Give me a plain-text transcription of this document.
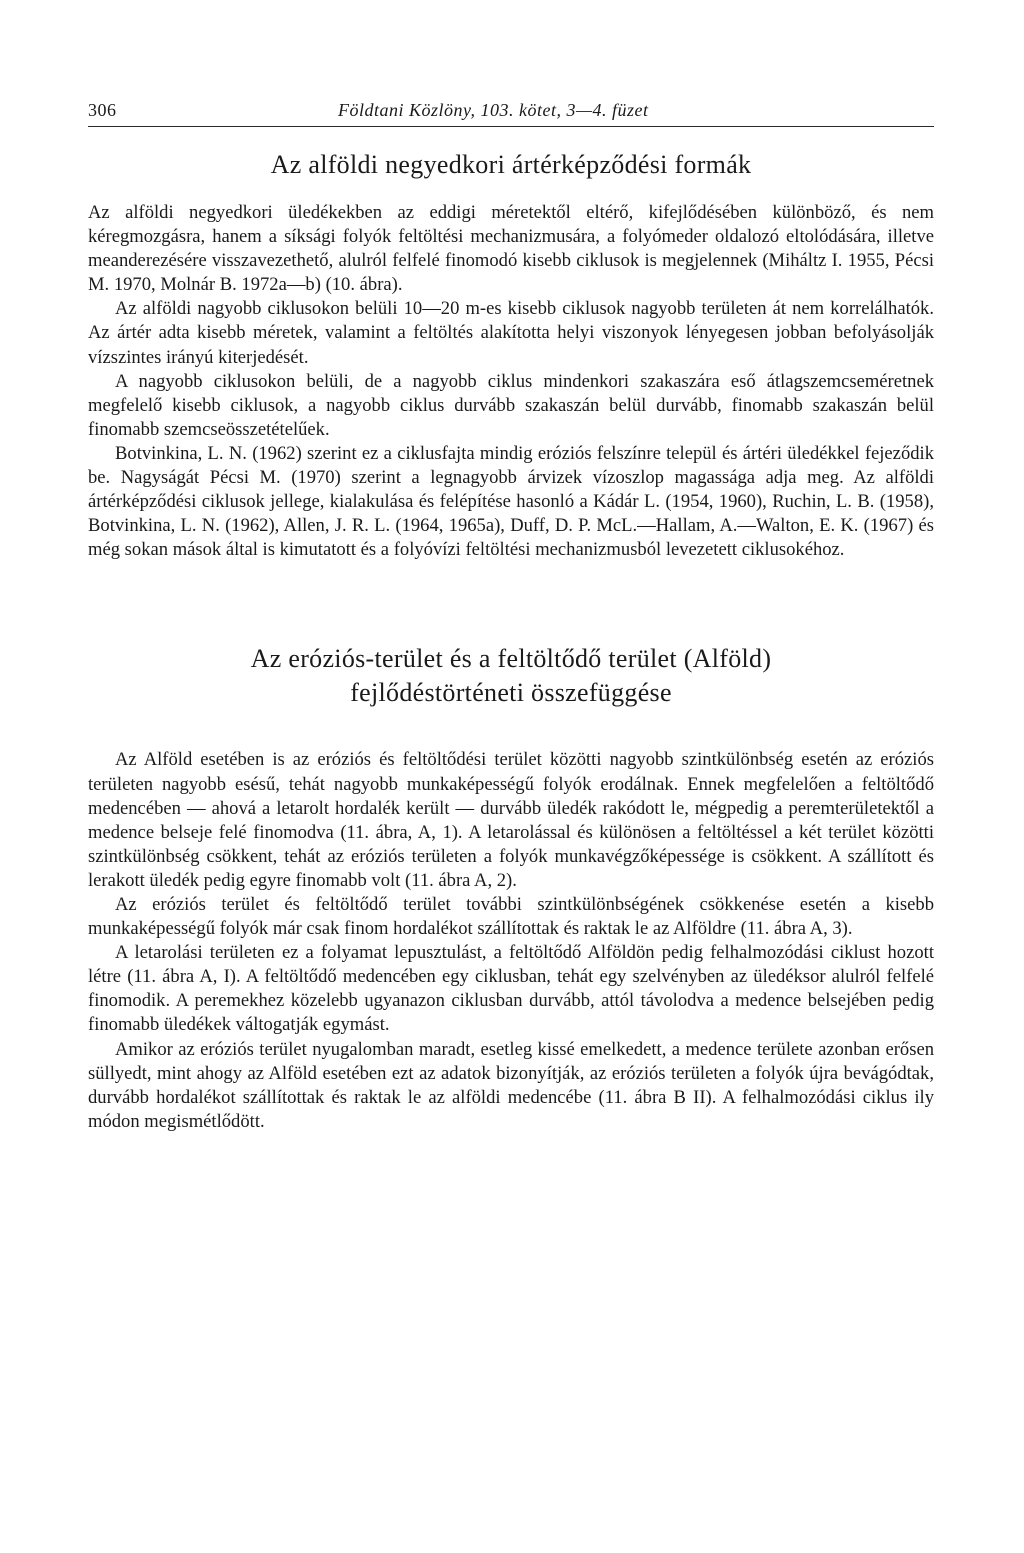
306	Földtani Közlöny, 103. kötet, 3—4. füzet
Az alföldi negyedkori ártérképződési formák

Az alföldi negyedkori üledékekben az eddigi méretektől eltérő, kifejlődésében különböző, és nem kéregmozgásra, hanem a síksági folyók feltöltési mechanizmusára, a folyómeder oldalozó eltolódására, illetve meanderezésére visszavezethető, alulról felfelé finomodó kisebb ciklusok is megjelennek (Miháltz I. 1955, Pécsi M. 1970, Molnár B. 1972a—b) (10. ábra).

Az alföldi nagyobb ciklusokon belüli 10—20 m-es kisebb ciklusok nagyobb területen át nem korrelálhatók. Az ártér adta kisebb méretek, valamint a feltöltés alakította helyi viszonyok lényegesen jobban befolyásolják vízszintes irányú kiterjedését.

A nagyobb ciklusokon belüli, de a nagyobb ciklus mindenkori szakaszára eső átlagszemcseméretnek megfelelő kisebb ciklusok, a nagyobb ciklus durvább szakaszán belül durvább, finomabb szakaszán belül finomabb szemcseösszetételűek.

Botvinkina, L. N. (1962) szerint ez a ciklusfajta mindig eróziós felszínre települ és ártéri üledékkel fejeződik be. Nagyságát Pécsi M. (1970) szerint a legnagyobb árvizek vízoszlop magassága adja meg. Az alföldi ártérképződési ciklusok jellege, kialakulása és felépítése hasonló a Kádár L. (1954, 1960), Ruchin, L. B. (1958), Botvinkina, L. N. (1962), Allen, J. R. L. (1964, 1965a), Duff, D. P. McL.—Hallam, A.—Walton, E. K. (1967) és még sokan mások által is kimutatott és a folyóvízi feltöltési mechanizmusból levezetett ciklusokéhoz.

Az eróziós-terület és a feltöltődő terület (Alföld)
fejlődéstörténeti összefüggése

Az Alföld esetében is az eróziós és feltöltődési terület közötti nagyobb szintkülönbség esetén az eróziós területen nagyobb esésű, tehát nagyobb munkaképességű folyók erodálnak. Ennek megfelelően a feltöltődő medencében — ahová a letarolt hordalék került — durvább üledék rakódott le, mégpedig a peremterületektől a medence belseje felé finomodva (11. ábra, A, 1). A letarolással és különösen a feltöltéssel a két terület közötti szintkülönbség csökkent, tehát az eróziós területen a folyók munkavégzőképessége is csökkent. A szállított és lerakott üledék pedig egyre finomabb volt (11. ábra A, 2).

Az eróziós terület és feltöltődő terület további szintkülönbségének csökkenése esetén a kisebb munkaképességű folyók már csak finom hordalékot szállítottak és raktak le az Alföldre (11. ábra A, 3).

A letarolási területen ez a folyamat lepusztulást, a feltöltődő Alföldön pedig felhalmozódási ciklust hozott létre (11. ábra A, I). A feltöltődő medencében egy ciklusban, tehát egy szelvényben az üledéksor alulról felfelé finomodik. A peremekhez közelebb ugyanazon ciklusban durvább, attól távolodva a medence belsejében pedig finomabb üledékek váltogatják egymást.

Amikor az eróziós terület nyugalomban maradt, esetleg kissé emelkedett, a medence területe azonban erősen süllyedt, mint ahogy az Alföld esetében ezt az adatok bizonyítják, az eróziós területen a folyók újra bevágódtak, durvább hordalékot szállítottak és raktak le az alföldi medencébe (11. ábra B II). A felhalmozódási ciklus ily módon megismétlődött.
